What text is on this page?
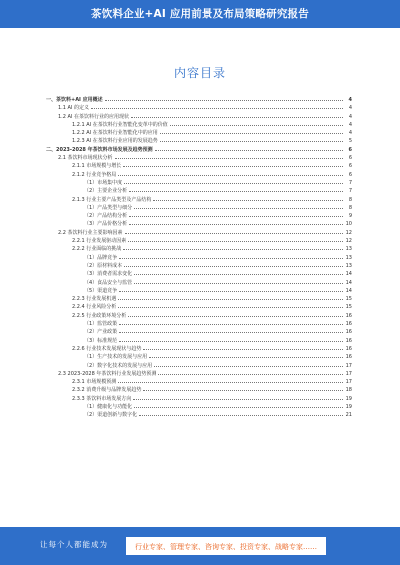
茶饮料企业+AI 应用前景及布局策略研究报告
内容目录
一、茶饮料+AI 应用概述	4
1.1 AI 的定义	4
1.2 AI 在茶饮料行业的应用现状	4
1.2.1 AI 在茶饮料行业智能化变革中的价值	4
1.2.2 AI 在茶饮料行业智能化中的应用	4
1.2.3 AI 在茶饮料行业应用的发展趋势	5
二、2023-2028 年茶饮料市场发展及趋势预测	6
2.1 茶饮料市场现状分析	6
2.1.1 市场规模与增长	6
2.1.2 行业竞争格局	6
（1）市场集中度	7
（2）主要企业分析	7
2.1.3 行业主要产品类型及产品结构	8
（1）产品类型与细分	8
（2）产品结构分析	9
（3）产品价格分析	10
2.2 茶饮料行业主要影响因素	12
2.2.1 行业发展驱动因素	12
2.2.2 行业面临的挑战	13
（1）品牌竞争	13
（2）原材料成本	13
（3）消费者需求变化	14
（4）食品安全与监管	14
（5）渠道竞争	14
2.2.3 行业发展机遇	15
2.2.4 行业风险分析	15
2.2.5 行业政策环境分析	16
（1）监管政策	16
（2）产业政策	16
（3）标准规范	16
2.2.6 行业技术发展现状与趋势	16
（1）生产技术的发展与应用	16
（2）数字化技术的发展与应用	17
2.3 2023-2028 年茶饮料行业发展趋势预测	17
2.3.1 市场规模预测	17
2.3.2 消费升级与品牌发展趋势	18
2.3.3 茶饮料市场发展方向	19
（1）健康化与功能化	19
（2）渠道创新与数字化	21
让每个人都能成为	行业专家、管理专家、咨询专家、投资专家、战略专家……
